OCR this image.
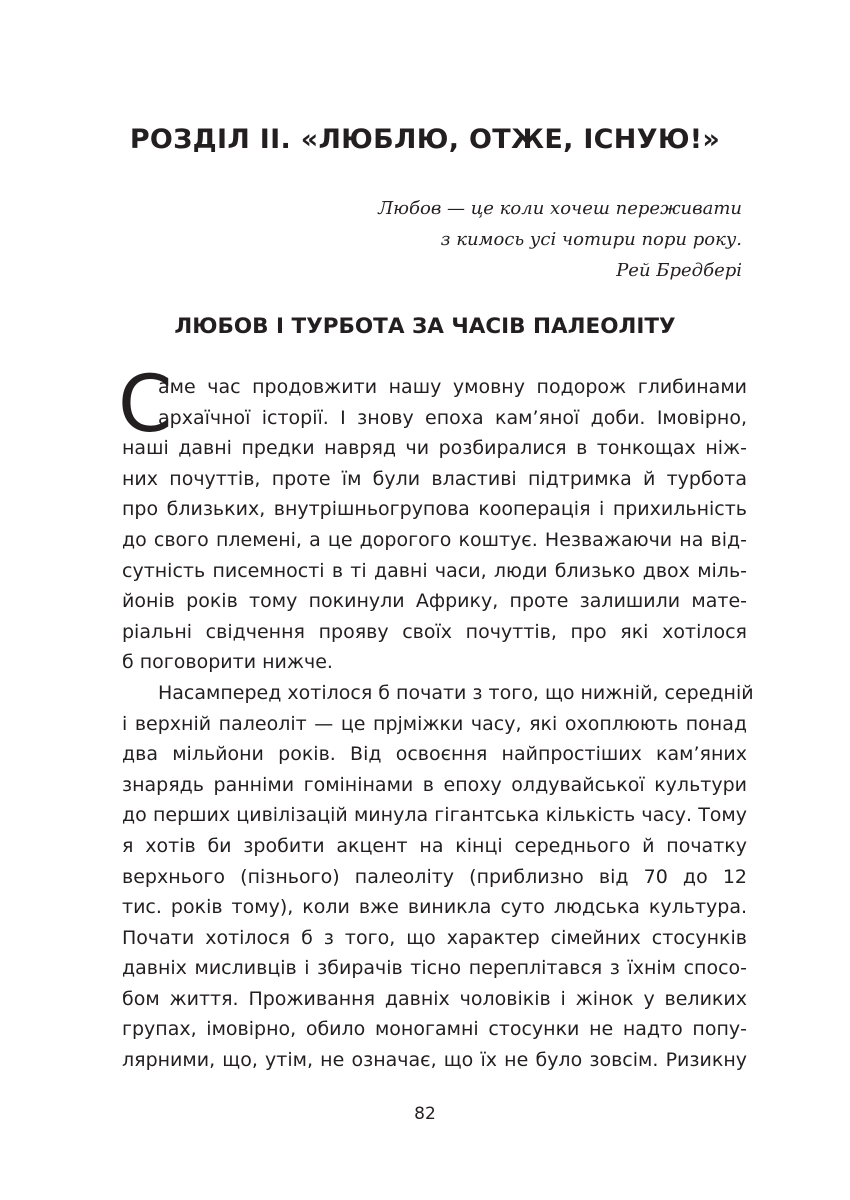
РОЗДІЛ II. «ЛЮБЛЮ, ОТЖЕ, ІСНУЮ!»
Любов — це коли хочеш переживати
з кимось усі чотири пори року.
Рей Бредбері
ЛЮБОВ І ТУРБОТА ЗА ЧАСІВ ПАЛЕОЛІТУ
С
аме час продовжити нашу умовну подорож глибинами
архаїчної історії. І знову епоха кам’яної доби. Імовірно,
наші давні предки навряд чи розбиралися в тонкощах ніж-
них почуттів, проте їм були властиві підтримка й турбота
про близьких, внутрішньогрупова кооперація і прихильність
до свого племені, а це дорогого коштує. Незважаючи на від-
сутність писемності в ті давні часи, люди близько двох міль-
йонів років тому покинули Африку, проте залишили мате-
ріальні свідчення прояву своїх почуттів, про які хотілося
б поговорити нижче.
Насамперед хотілося б почати з того, що нижній, середній
і верхній палеоліт — це прjміжки часу, які охоплюють понад
два мільйони років. Від освоєння найпростіших кам’яних
знарядь ранніми гомінінами в епоху олдувайської культури
до перших цивілізацій минула гігантська кількість часу. Тому
я хотів би зробити акцент на кінці середнього й початку
верхнього (пізнього) палеоліту (приблизно від 70 до 12
тис. років тому), коли вже виникла суто людська культура.
Почати хотілося б з того, що характер сімейних стосунків
давніх мисливців і збирачів тісно переплітався з їхнім спосо-
бом життя. Проживання давніх чоловіків і жінок у великих
групах, імовірно, обило моногамні стосунки не надто попу-
лярними, що, утім, не означає, що їх не було зовсім. Ризикну
82
